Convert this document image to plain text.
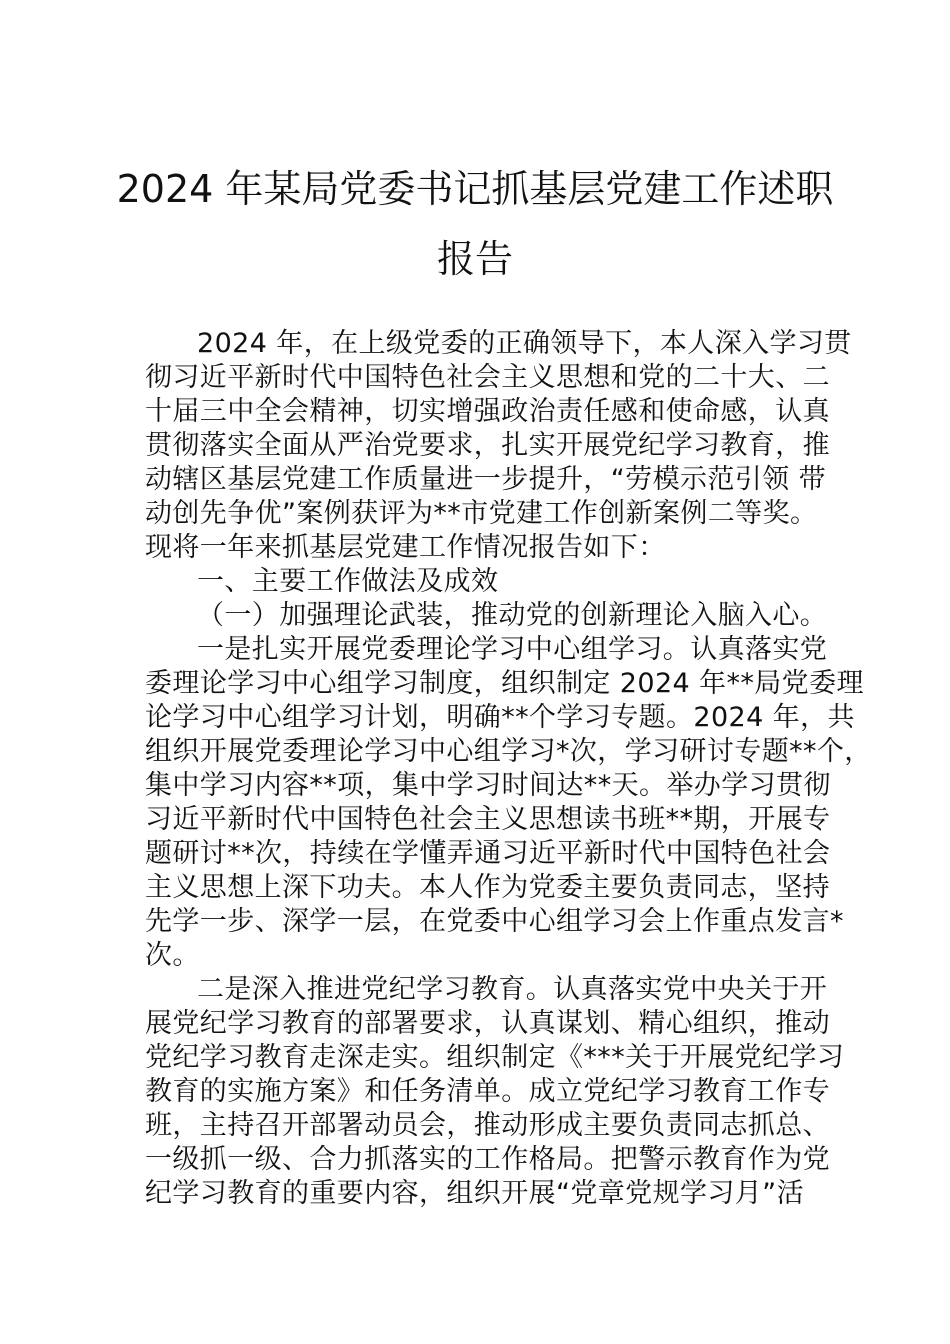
2024 年某局党委书记抓基层党建工作述职
报告
2024 年，在上级党委的正确领导下，本人深入学习贯
彻习近平新时代中国特色社会主义思想和党的二十大、二
十届三中全会精神，切实增强政治责任感和使命感，认真
贯彻落实全面从严治党要求，扎实开展党纪学习教育，推
动辖区基层党建工作质量进一步提升，“劳模示范引领 带
动创先争优”案例获评为**市党建工作创新案例二等奖。
现将一年来抓基层党建工作情况报告如下：
一、主要工作做法及成效
（一）加强理论武装，推动党的创新理论入脑入心。
一是扎实开展党委理论学习中心组学习。认真落实党
委理论学习中心组学习制度，组织制定 2024 年**局党委理
论学习中心组学习计划，明确**个学习专题。2024 年，共
组织开展党委理论学习中心组学习*次，学习研讨专题**个，
集中学习内容**项，集中学习时间达**天。举办学习贯彻
习近平新时代中国特色社会主义思想读书班**期，开展专
题研讨**次，持续在学懂弄通习近平新时代中国特色社会
主义思想上深下功夫。本人作为党委主要负责同志，坚持
先学一步、深学一层，在党委中心组学习会上作重点发言*
次。
二是深入推进党纪学习教育。认真落实党中央关于开
展党纪学习教育的部署要求，认真谋划、精心组织，推动
党纪学习教育走深走实。组织制定《***关于开展党纪学习
教育的实施方案》和任务清单。成立党纪学习教育工作专
班，主持召开部署动员会，推动形成主要负责同志抓总、
一级抓一级、合力抓落实的工作格局。把警示教育作为党
纪学习教育的重要内容，组织开展“党章党规学习月”活
